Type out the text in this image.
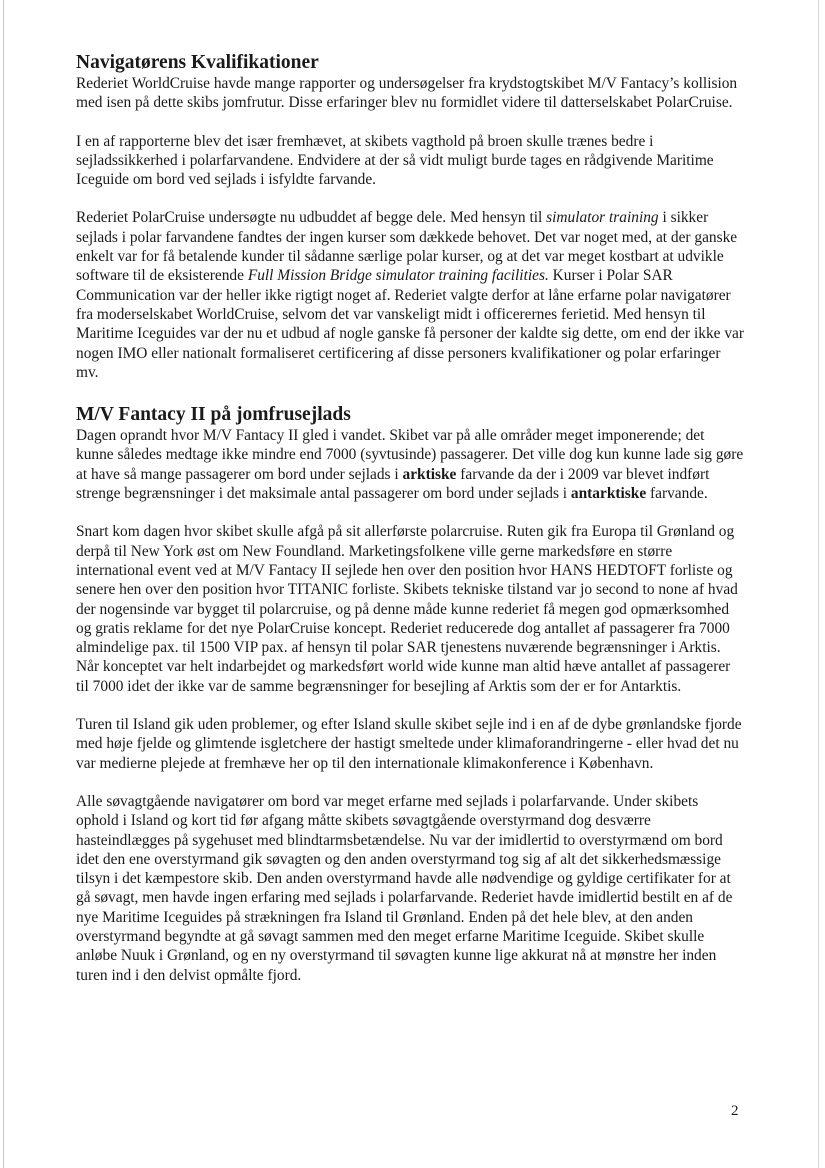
Navigatørens Kvalifikationer

Rederiet WorldCruise havde mange rapporter og undersøgelser fra krydstogtskibet M/V Fantacy’s kollision med isen på dette skibs jomfrutur. Disse erfaringer blev nu formidlet videre til datterselskabet PolarCruise.

I en af rapporterne blev det især fremhævet, at skibets vagthold på broen skulle trænes bedre i sejladssikkerhed i polarfarvandene. Endvidere at der så vidt muligt burde tages en rådgivende Maritime Iceguide om bord ved sejlads i isfyldte farvande.

Rederiet PolarCruise undersøgte nu udbuddet af begge dele. Med hensyn til simulator training i sikker sejlads i polar farvandene fandtes der ingen kurser som dækkede behovet. Det var noget med, at der ganske enkelt var for få betalende kunder til sådanne særlige polar kurser, og at det var meget kostbart at udvikle software til de eksisterende Full Mission Bridge simulator training facilities. Kurser i Polar SAR Communication var der heller ikke rigtigt noget af. Rederiet valgte derfor at låne erfarne polar navigatører fra moderselskabet WorldCruise, selvom det var vanskeligt midt i officerernes ferietid. Med hensyn til Maritime Iceguides var der nu et udbud af nogle ganske få personer der kaldte sig dette, om end der ikke var nogen IMO eller nationalt formaliseret certificering af disse personers kvalifikationer og polar erfaringer mv.

M/V Fantacy II på jomfrusejlads

Dagen oprandt hvor M/V Fantacy II gled i vandet. Skibet var på alle områder meget imponerende; det kunne således medtage ikke mindre end 7000 (syvtusinde) passagerer. Det ville dog kun kunne lade sig gøre at have så mange passagerer om bord under sejlads i arktiske farvande da der i 2009 var blevet indført strenge begrænsninger i det maksimale antal passagerer om bord under sejlads i antarktiske farvande.

Snart kom dagen hvor skibet skulle afgå på sit allerførste polarcruise. Ruten gik fra Europa til Grønland og derpå til New York øst om New Foundland. Marketingsfolkene ville gerne markedsføre en større international event ved at M/V Fantacy II sejlede hen over den position hvor HANS HEDTOFT forliste og senere hen over den position hvor TITANIC forliste. Skibets tekniske tilstand var jo second to none af hvad der nogensinde var bygget til polarcruise, og på denne måde kunne rederiet få megen god opmærksomhed og gratis reklame for det nye PolarCruise koncept. Rederiet reducerede dog antallet af passagerer fra 7000 almindelige pax. til 1500 VIP pax. af hensyn til polar SAR tjenestens nuværende begrænsninger i Arktis. Når konceptet var helt indarbejdet og markedsført world wide kunne man altid hæve antallet af passagerer til 7000 idet der ikke var de samme begrænsninger for besejling af Arktis som der er for Antarktis.

Turen til Island gik uden problemer, og efter Island skulle skibet sejle ind i en af de dybe grønlandske fjorde med høje fjelde og glimtende isgletchere der hastigt smeltede under klimaforandringerne - eller hvad det nu var medierne plejede at fremhæve her op til den internationale klimakonference i København.

Alle søvagtgående navigatører om bord var meget erfarne med sejlads i polarfarvande. Under skibets ophold i Island og kort tid før afgang måtte skibets søvagtgående overstyrmand dog desværre hasteindlægges på sygehuset med blindtarmsbetændelse. Nu var der imidlertid to overstyrmænd om bord idet den ene overstyrmand gik søvagten og den anden overstyrmand tog sig af alt det sikkerhedsmæssige tilsyn i det kæmpestore skib. Den anden overstyrmand havde alle nødvendige og gyldige certifikater for at gå søvagt, men havde ingen erfaring med sejlads i polarfarvande. Rederiet havde imidlertid bestilt en af de nye Maritime Iceguides på strækningen fra Island til Grønland. Enden på det hele blev, at den anden overstyrmand begyndte at gå søvagt sammen med den meget erfarne Maritime Iceguide. Skibet skulle anløbe Nuuk i Grønland, og en ny overstyrmand til søvagten kunne lige akkurat nå at mønstre her inden turen ind i den delvist opmålte fjord.

2
